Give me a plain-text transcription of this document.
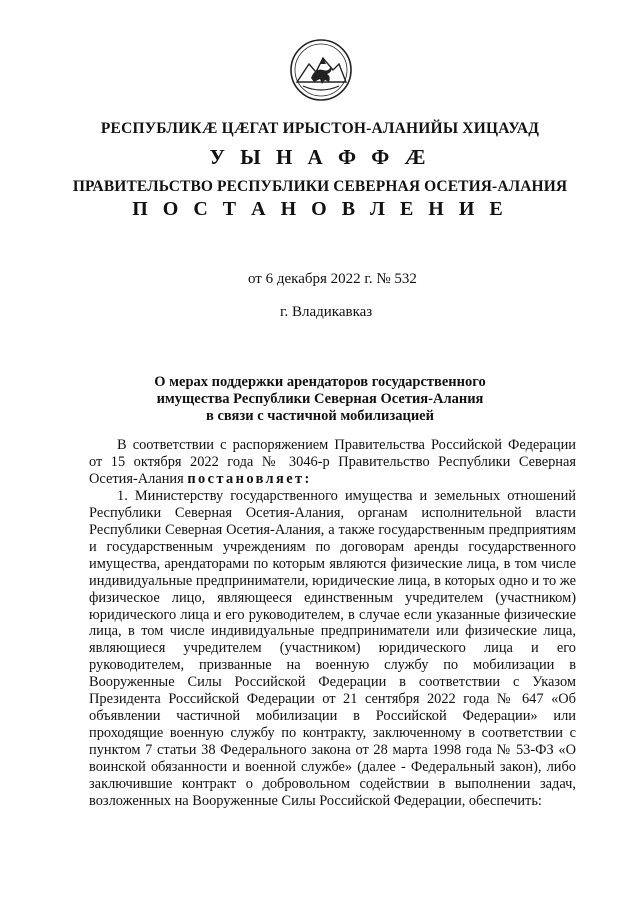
РЕСПУБЛИКӔ ЦӔГАТ ИРЫСТОН-АЛАНИЙЫ ХИЦАУАД
У Ы Н А Ф Ф Ӕ
ПРАВИТЕЛЬСТВО РЕСПУБЛИКИ СЕВЕРНАЯ ОСЕТИЯ-АЛАНИЯ
П О С Т А Н О В Л Е Н И Е
от 6 декабря 2022 г. № 532
г. Владикавказ
О мерах поддержки арендаторов государственного
имущества Республики Северная Осетия-Алания
в связи с частичной мобилизацией

В соответствии с распоряжением Правительства Российской Федерации от 15 октября 2022 года № 3046-р Правительство Республики Северная Осетия-Алания постановляет:

1. Министерству государственного имущества и земельных отношений Республики Северная Осетия-Алания, органам исполнительной власти Республики Северная Осетия-Алания, а также государственным предприятиям и государственным учреждениям по договорам аренды государственного имущества, арендаторами по которым являются физические лица, в том числе индивидуальные предприниматели, юридические лица, в которых одно и то же физическое лицо, являющееся единственным учредителем (участником) юридического лица и его руководителем, в случае если указанные физические лица, в том числе индивидуальные предприниматели или физические лица, являющиеся учредителем (участником) юридического лица и его руководителем, призванные на военную службу по мобилизации в Вооруженные Силы Российской Федерации в соответствии с Указом Президента Российской Федерации от 21 сентября 2022 года № 647 «Об объявлении частичной мобилизации в Российской Федерации» или проходящие военную службу по контракту, заключенному в соответствии с пунктом 7 статьи 38 Федерального закона от 28 марта 1998 года № 53-ФЗ «О воинской обязанности и военной службе» (далее - Федеральный закон), либо заключившие контракт о добровольном содействии в выполнении задач, возложенных на Вооруженные Силы Российской Федерации, обеспечить:
